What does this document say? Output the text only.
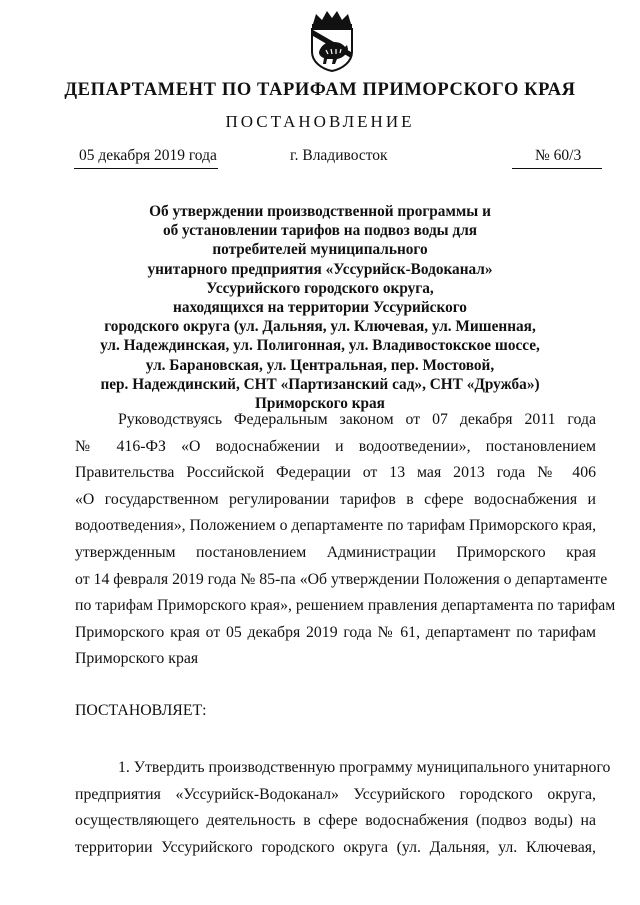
ДЕПАРТАМЕНТ ПО ТАРИФАМ ПРИМОРСКОГО КРАЯ
ПОСТАНОВЛЕНИЕ
05 декабря 2019 года	г. Владивосток	№ 60/3
Об утверждении производственной программы и
об установлении тарифов на подвоз воды для
потребителей муниципального
унитарного предприятия «Уссурийск-Водоканал»
Уссурийского городского округа,
находящихся на территории Уссурийского
городского округа (ул. Дальняя, ул. Ключевая, ул. Мишенная,
ул. Надеждинская, ул. Полигонная, ул. Владивостокское шоссе,
ул. Барановская, ул. Центральная, пер. Мостовой,
пер. Надеждинский, СНТ «Партизанский сад», СНТ «Дружба»)
Приморского края
Руководствуясь Федеральным законом от 07 декабря 2011 года
№ 416-ФЗ «О водоснабжении и водоотведении», постановлением
Правительства Российской Федерации от 13 мая 2013 года № 406
«О государственном регулировании тарифов в сфере водоснабжения и
водоотведения», Положением о департаменте по тарифам Приморского края,
утвержденным постановлением Администрации Приморского края
от 14 февраля 2019 года № 85-па «Об утверждении Положения о департаменте
по тарифам Приморского края», решением правления департамента по тарифам
Приморского края от 05 декабря 2019 года № 61, департамент по тарифам
Приморского края
ПОСТАНОВЛЯЕТ:
1. Утвердить производственную программу муниципального унитарного
предприятия «Уссурийск-Водоканал» Уссурийского городского округа,
осуществляющего деятельность в сфере водоснабжения (подвоз воды) на
территории Уссурийского городского округа (ул. Дальняя, ул. Ключевая,
